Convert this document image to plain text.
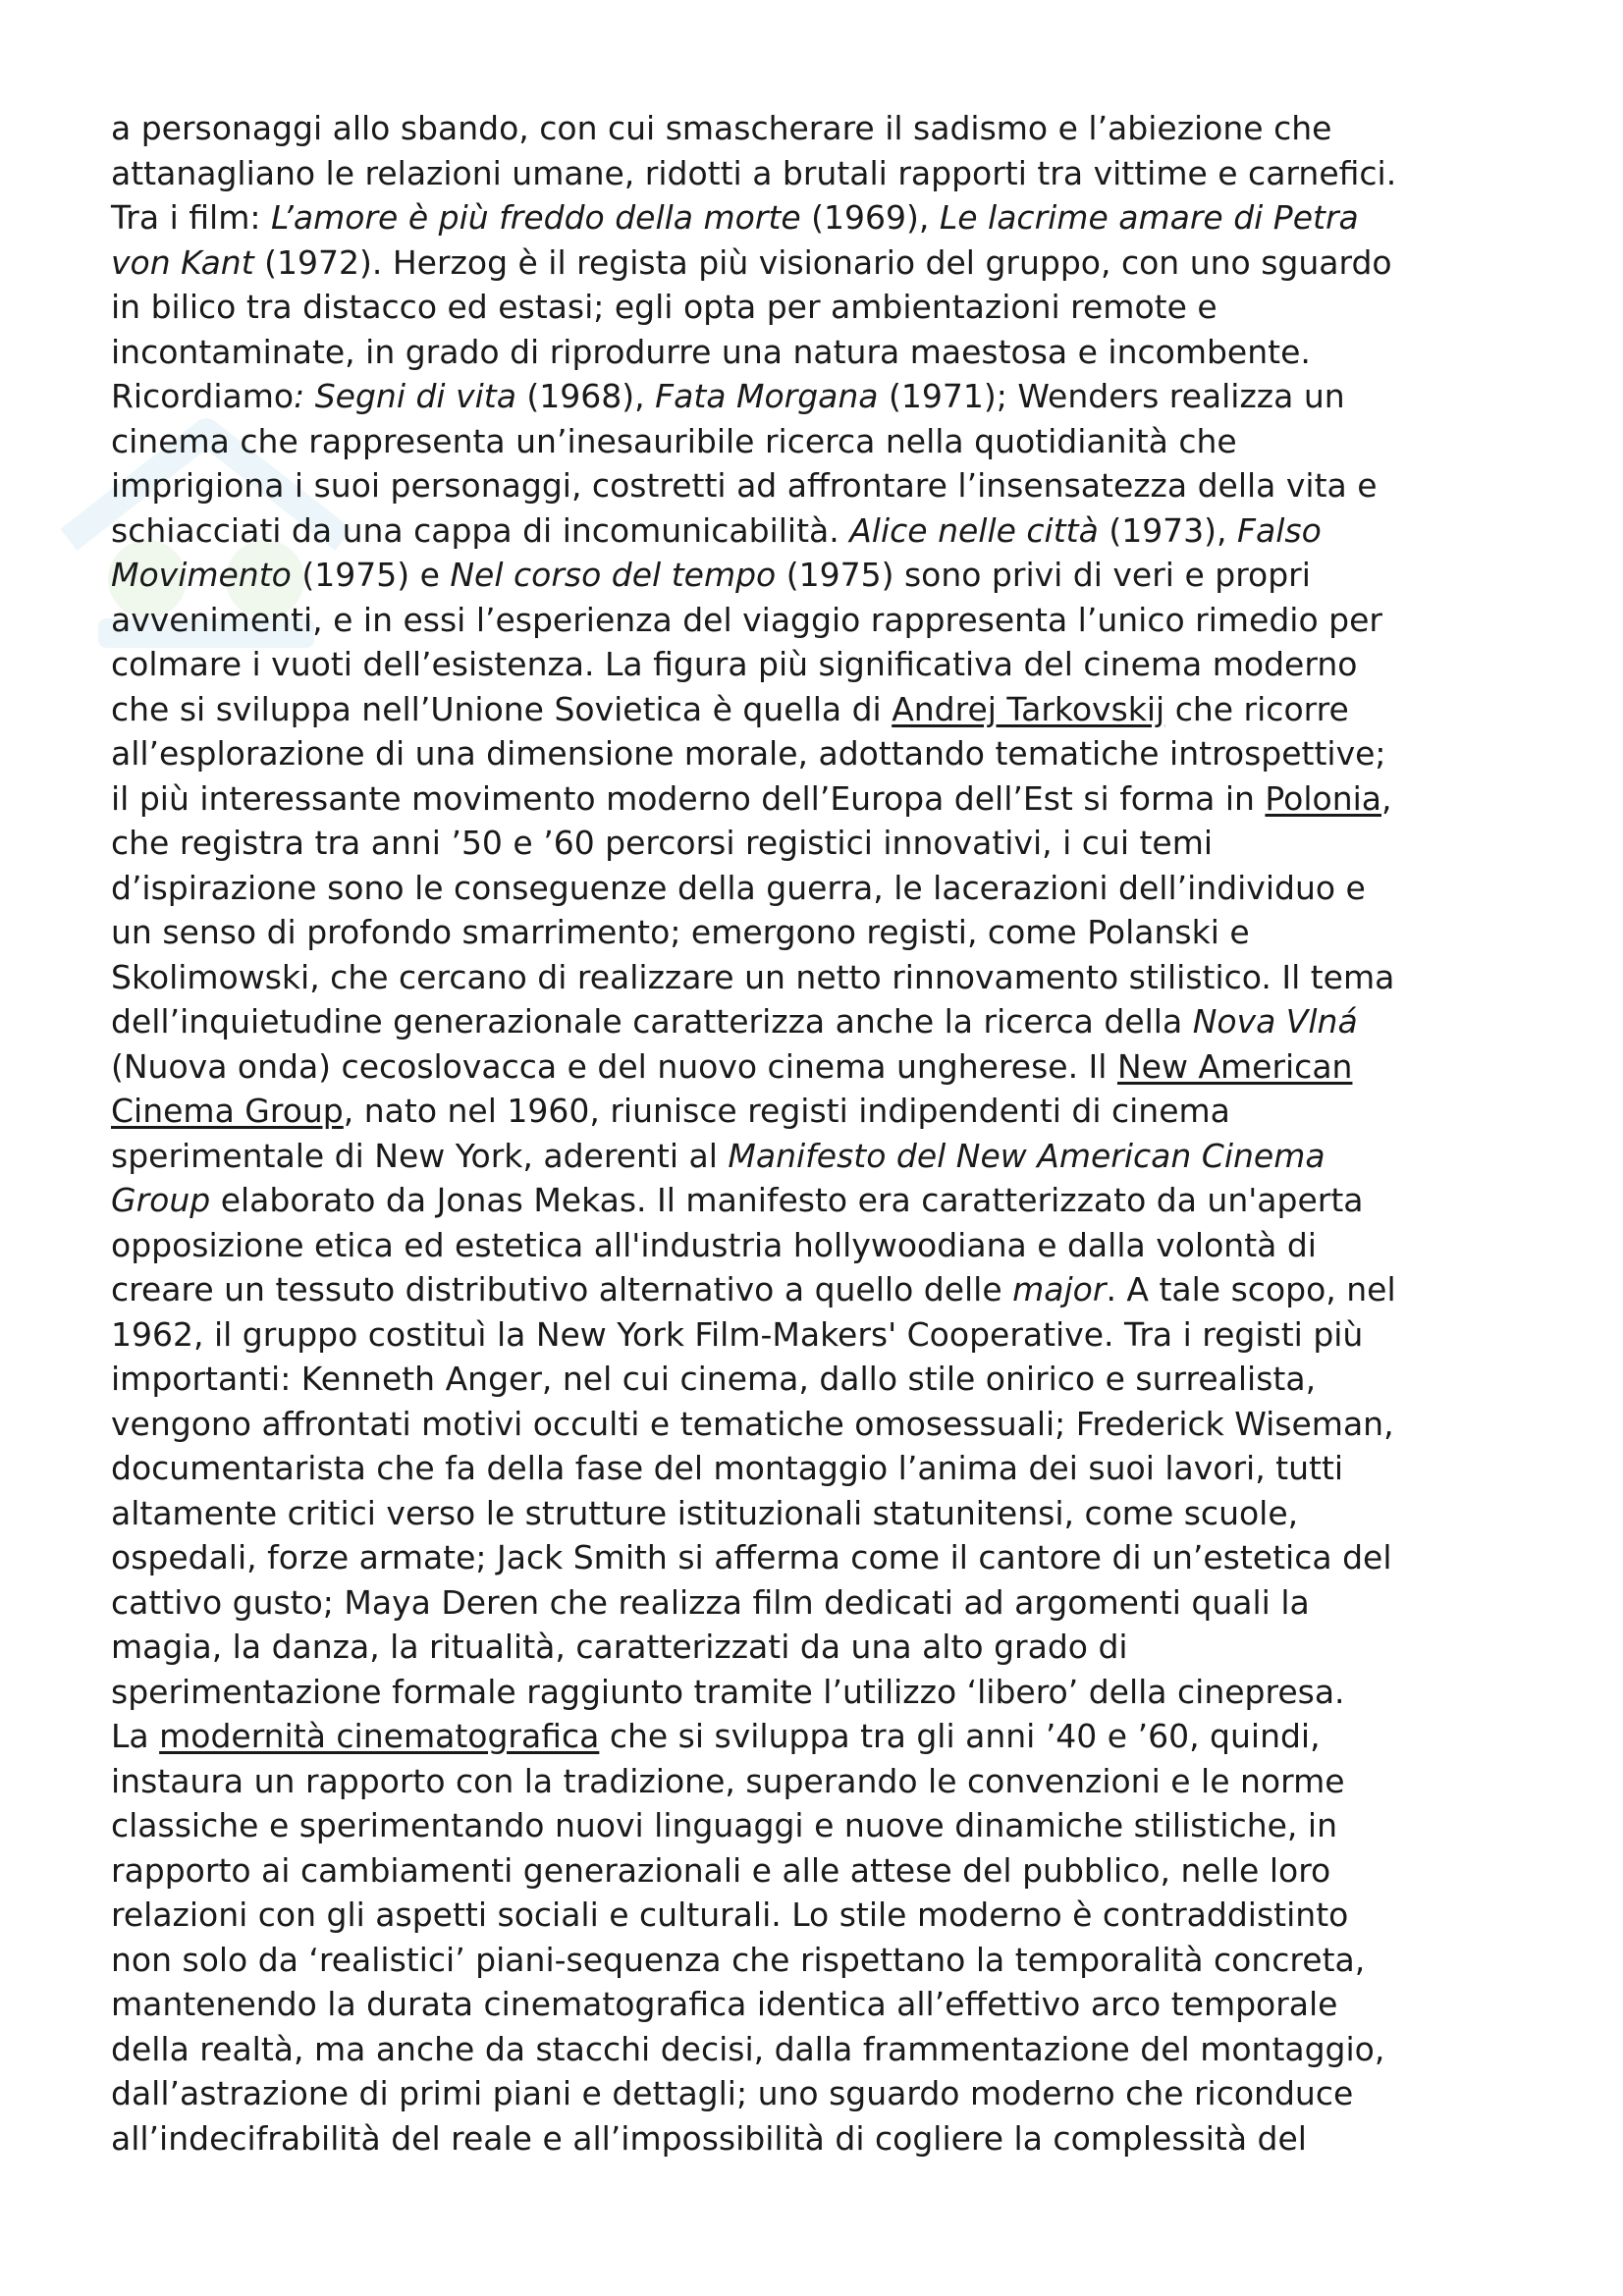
a personaggi allo sbando, con cui smascherare il sadismo e l’abiezione che

attanagliano le relazioni umane, ridotti a brutali rapporti tra vittime e carnefici.

Tra i film: L’amore è più freddo della morte (1969), Le lacrime amare di Petra

von Kant (1972). Herzog è il regista più visionario del gruppo, con uno sguardo

in bilico tra distacco ed estasi; egli opta per ambientazioni remote e

incontaminate, in grado di riprodurre una natura maestosa e incombente.

Ricordiamo: Segni di vita (1968), Fata Morgana (1971); Wenders realizza un

cinema che rappresenta un’inesauribile ricerca nella quotidianità che

imprigiona i suoi personaggi, costretti ad affrontare l’insensatezza della vita e

schiacciati da una cappa di incomunicabilità. Alice nelle città (1973), Falso

Movimento (1975) e Nel corso del tempo (1975) sono privi di veri e propri

avvenimenti, e in essi l’esperienza del viaggio rappresenta l’unico rimedio per

colmare i vuoti dell’esistenza. La figura più significativa del cinema moderno

che si sviluppa nell’Unione Sovietica è quella di Andrej Tarkovskij che ricorre

all’esplorazione di una dimensione morale, adottando tematiche introspettive;

il più interessante movimento moderno dell’Europa dell’Est si forma in Polonia,

che registra tra anni ’50 e ’60 percorsi registici innovativi, i cui temi

d’ispirazione sono le conseguenze della guerra, le lacerazioni dell’individuo e

un senso di profondo smarrimento; emergono registi, come Polanski e

Skolimowski, che cercano di realizzare un netto rinnovamento stilistico. Il tema

dell’inquietudine generazionale caratterizza anche la ricerca della Nova Vlná

(Nuova onda) cecoslovacca e del nuovo cinema ungherese. Il New American

Cinema Group, nato nel 1960, riunisce registi indipendenti di cinema

sperimentale di New York, aderenti al Manifesto del New American Cinema

Group elaborato da Jonas Mekas. Il manifesto era caratterizzato da un'aperta

opposizione etica ed estetica all'industria hollywoodiana e dalla volontà di

creare un tessuto distributivo alternativo a quello delle major. A tale scopo, nel

1962, il gruppo costituì la New York Film-Makers' Cooperative. Tra i registi più

importanti: Kenneth Anger, nel cui cinema, dallo stile onirico e surrealista,

vengono affrontati motivi occulti e tematiche omosessuali; Frederick Wiseman,

documentarista che fa della fase del montaggio l’anima dei suoi lavori, tutti

altamente critici verso le strutture istituzionali statunitensi, come scuole,

ospedali, forze armate; Jack Smith si afferma come il cantore di un’estetica del

cattivo gusto; Maya Deren che realizza film dedicati ad argomenti quali la

magia, la danza, la ritualità, caratterizzati da una alto grado di

sperimentazione formale raggiunto tramite l’utilizzo ‘libero’ della cinepresa.

La modernità cinematografica che si sviluppa tra gli anni ’40 e ’60, quindi,

instaura un rapporto con la tradizione, superando le convenzioni e le norme

classiche e sperimentando nuovi linguaggi e nuove dinamiche stilistiche, in

rapporto ai cambiamenti generazionali e alle attese del pubblico, nelle loro

relazioni con gli aspetti sociali e culturali. Lo stile moderno è contraddistinto

non solo da ‘realistici’ piani-sequenza che rispettano la temporalità concreta,

mantenendo la durata cinematografica identica all’effettivo arco temporale

della realtà, ma anche da stacchi decisi, dalla frammentazione del montaggio,

dall’astrazione di primi piani e dettagli; uno sguardo moderno che riconduce

all’indecifrabilità del reale e all’impossibilità di cogliere la complessità del
